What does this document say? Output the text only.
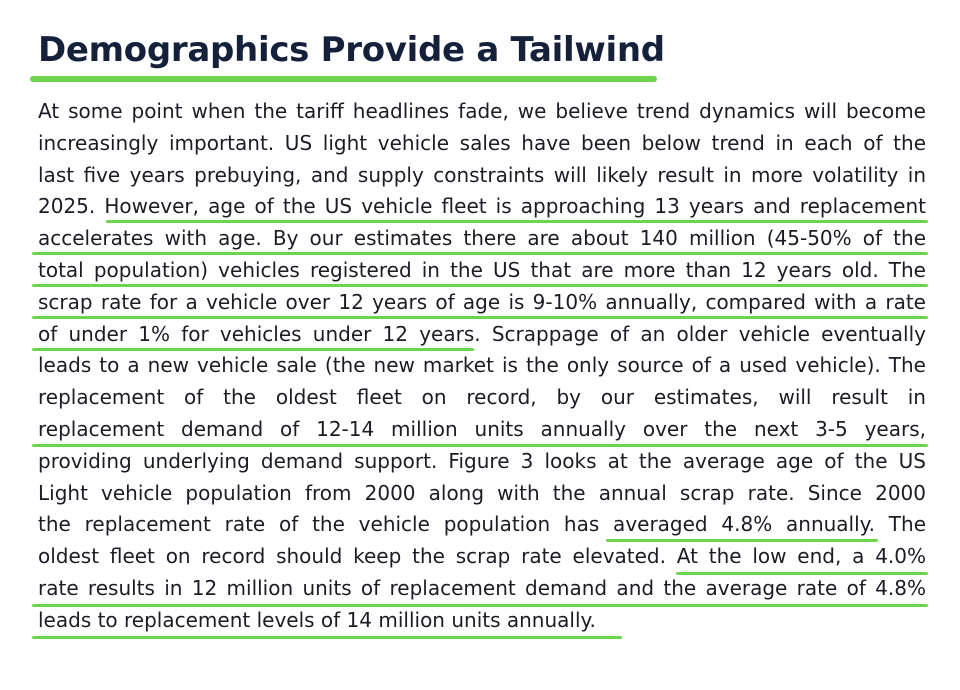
Demographics Provide a Tailwind
At some point when the tariff headlines fade, we believe trend dynamics will become
increasingly important. US light vehicle sales have been below trend in each of the
last five years prebuying, and supply constraints will likely result in more volatility in
2025. However, age of the US vehicle fleet is approaching 13 years and replacement
accelerates with age. By our estimates there are about 140 million (45-50% of the
total population) vehicles registered in the US that are more than 12 years old. The
scrap rate for a vehicle over 12 years of age is 9-10% annually, compared with a rate
of under 1% for vehicles under 12 years. Scrappage of an older vehicle eventually
leads to a new vehicle sale (the new market is the only source of a used vehicle). The
replacement of the oldest fleet on record, by our estimates, will result in
replacement demand of 12-14 million units annually over the next 3-5 years,
providing underlying demand support. Figure 3 looks at the average age of the US
Light vehicle population from 2000 along with the annual scrap rate. Since 2000
the replacement rate of the vehicle population has averaged 4.8% annually. The
oldest fleet on record should keep the scrap rate elevated. At the low end, a 4.0%
rate results in 12 million units of replacement demand and the average rate of 4.8%
leads to replacement levels of 14 million units annually.
